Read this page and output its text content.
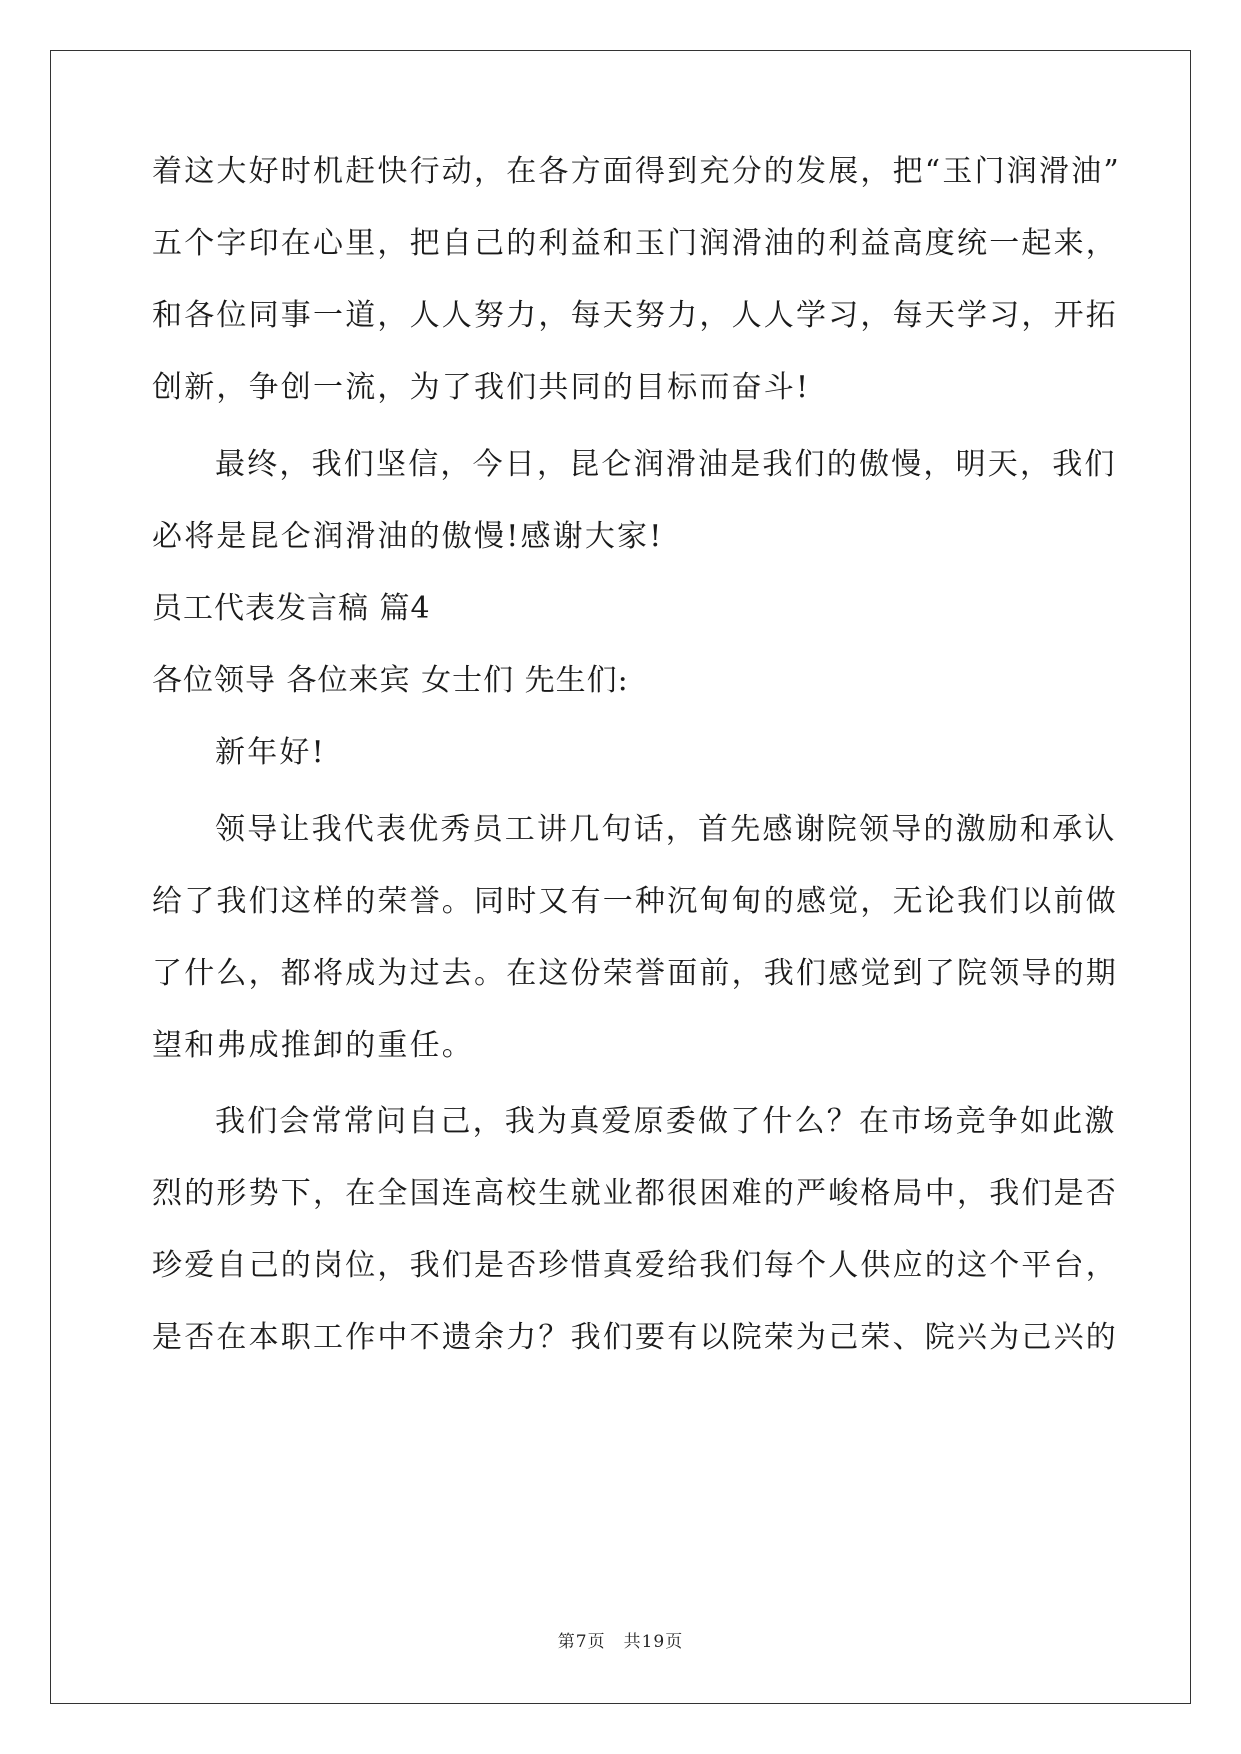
着这大好时机赶快行动，在各方面得到充分的发展，把“玉门润滑油”
五个字印在心里，把自己的利益和玉门润滑油的利益高度统一起来，
和各位同事一道，人人努力，每天努力，人人学习，每天学习，开拓
创新，争创一流，为了我们共同的目标而奋斗!
最终，我们坚信，今日，昆仑润滑油是我们的傲慢，明天，我们
必将是昆仑润滑油的傲慢!感谢大家!
员工代表发言稿 篇4
各位领导 各位来宾 女士们 先生们:
新年好!
领导让我代表优秀员工讲几句话，首先感谢院领导的激励和承认
给了我们这样的荣誉。同时又有一种沉甸甸的感觉，无论我们以前做
了什么，都将成为过去。在这份荣誉面前，我们感觉到了院领导的期
望和弗成推卸的重任。
我们会常常问自己，我为真爱原委做了什么？在市场竞争如此激
烈的形势下，在全国连高校生就业都很困难的严峻格局中，我们是否
珍爱自己的岗位，我们是否珍惜真爱给我们每个人供应的这个平台，
是否在本职工作中不遗余力？我们要有以院荣为己荣、院兴为己兴的
第7页　共19页
